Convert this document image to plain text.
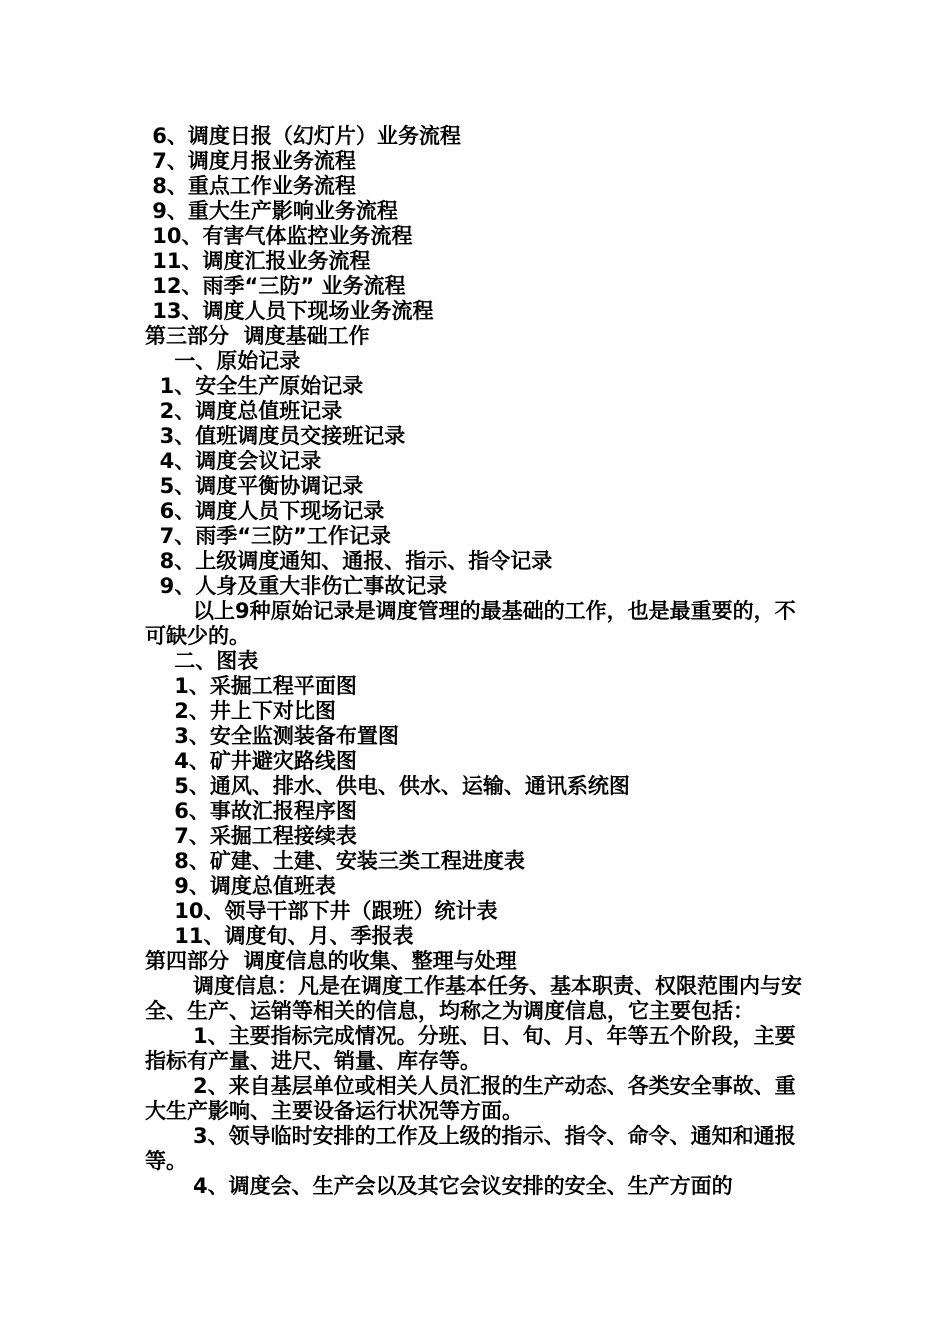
6、调度日报（幻灯片）业务流程
7、调度月报业务流程
8、重点工作业务流程
9、重大生产影响业务流程
10、有害气体监控业务流程
11、调度汇报业务流程
12、雨季“三防” 业务流程
13、调度人员下现场业务流程
第三部分  调度基础工作
一、原始记录
1、安全生产原始记录
2、调度总值班记录
3、值班调度员交接班记录
4、调度会议记录
5、调度平衡协调记录
6、调度人员下现场记录
7、雨季“三防”工作记录
8、上级调度通知、通报、指示、指令记录
9、人身及重大非伤亡事故记录
以上9种原始记录是调度管理的最基础的工作，也是最重要的，不可缺少的。
二、图表
1、采掘工程平面图
2、井上下对比图
3、安全监测装备布置图
4、矿井避灾路线图
5、通风、排水、供电、供水、运输、通讯系统图
6、事故汇报程序图
7、采掘工程接续表
8、矿建、土建、安装三类工程进度表
9、调度总值班表
10、领导干部下井（跟班）统计表
11、调度旬、月、季报表
第四部分  调度信息的收集、整理与处理
调度信息：凡是在调度工作基本任务、基本职责、权限范围内与安全、生产、运销等相关的信息，均称之为调度信息，它主要包括：
1、主要指标完成情况。分班、日、旬、月、年等五个阶段，主要指标有产量、进尺、销量、库存等。
2、来自基层单位或相关人员汇报的生产动态、各类安全事故、重大生产影响、主要设备运行状况等方面。
3、领导临时安排的工作及上级的指示、指令、命令、通知和通报等。
4、调度会、生产会以及其它会议安排的安全、生产方面的
